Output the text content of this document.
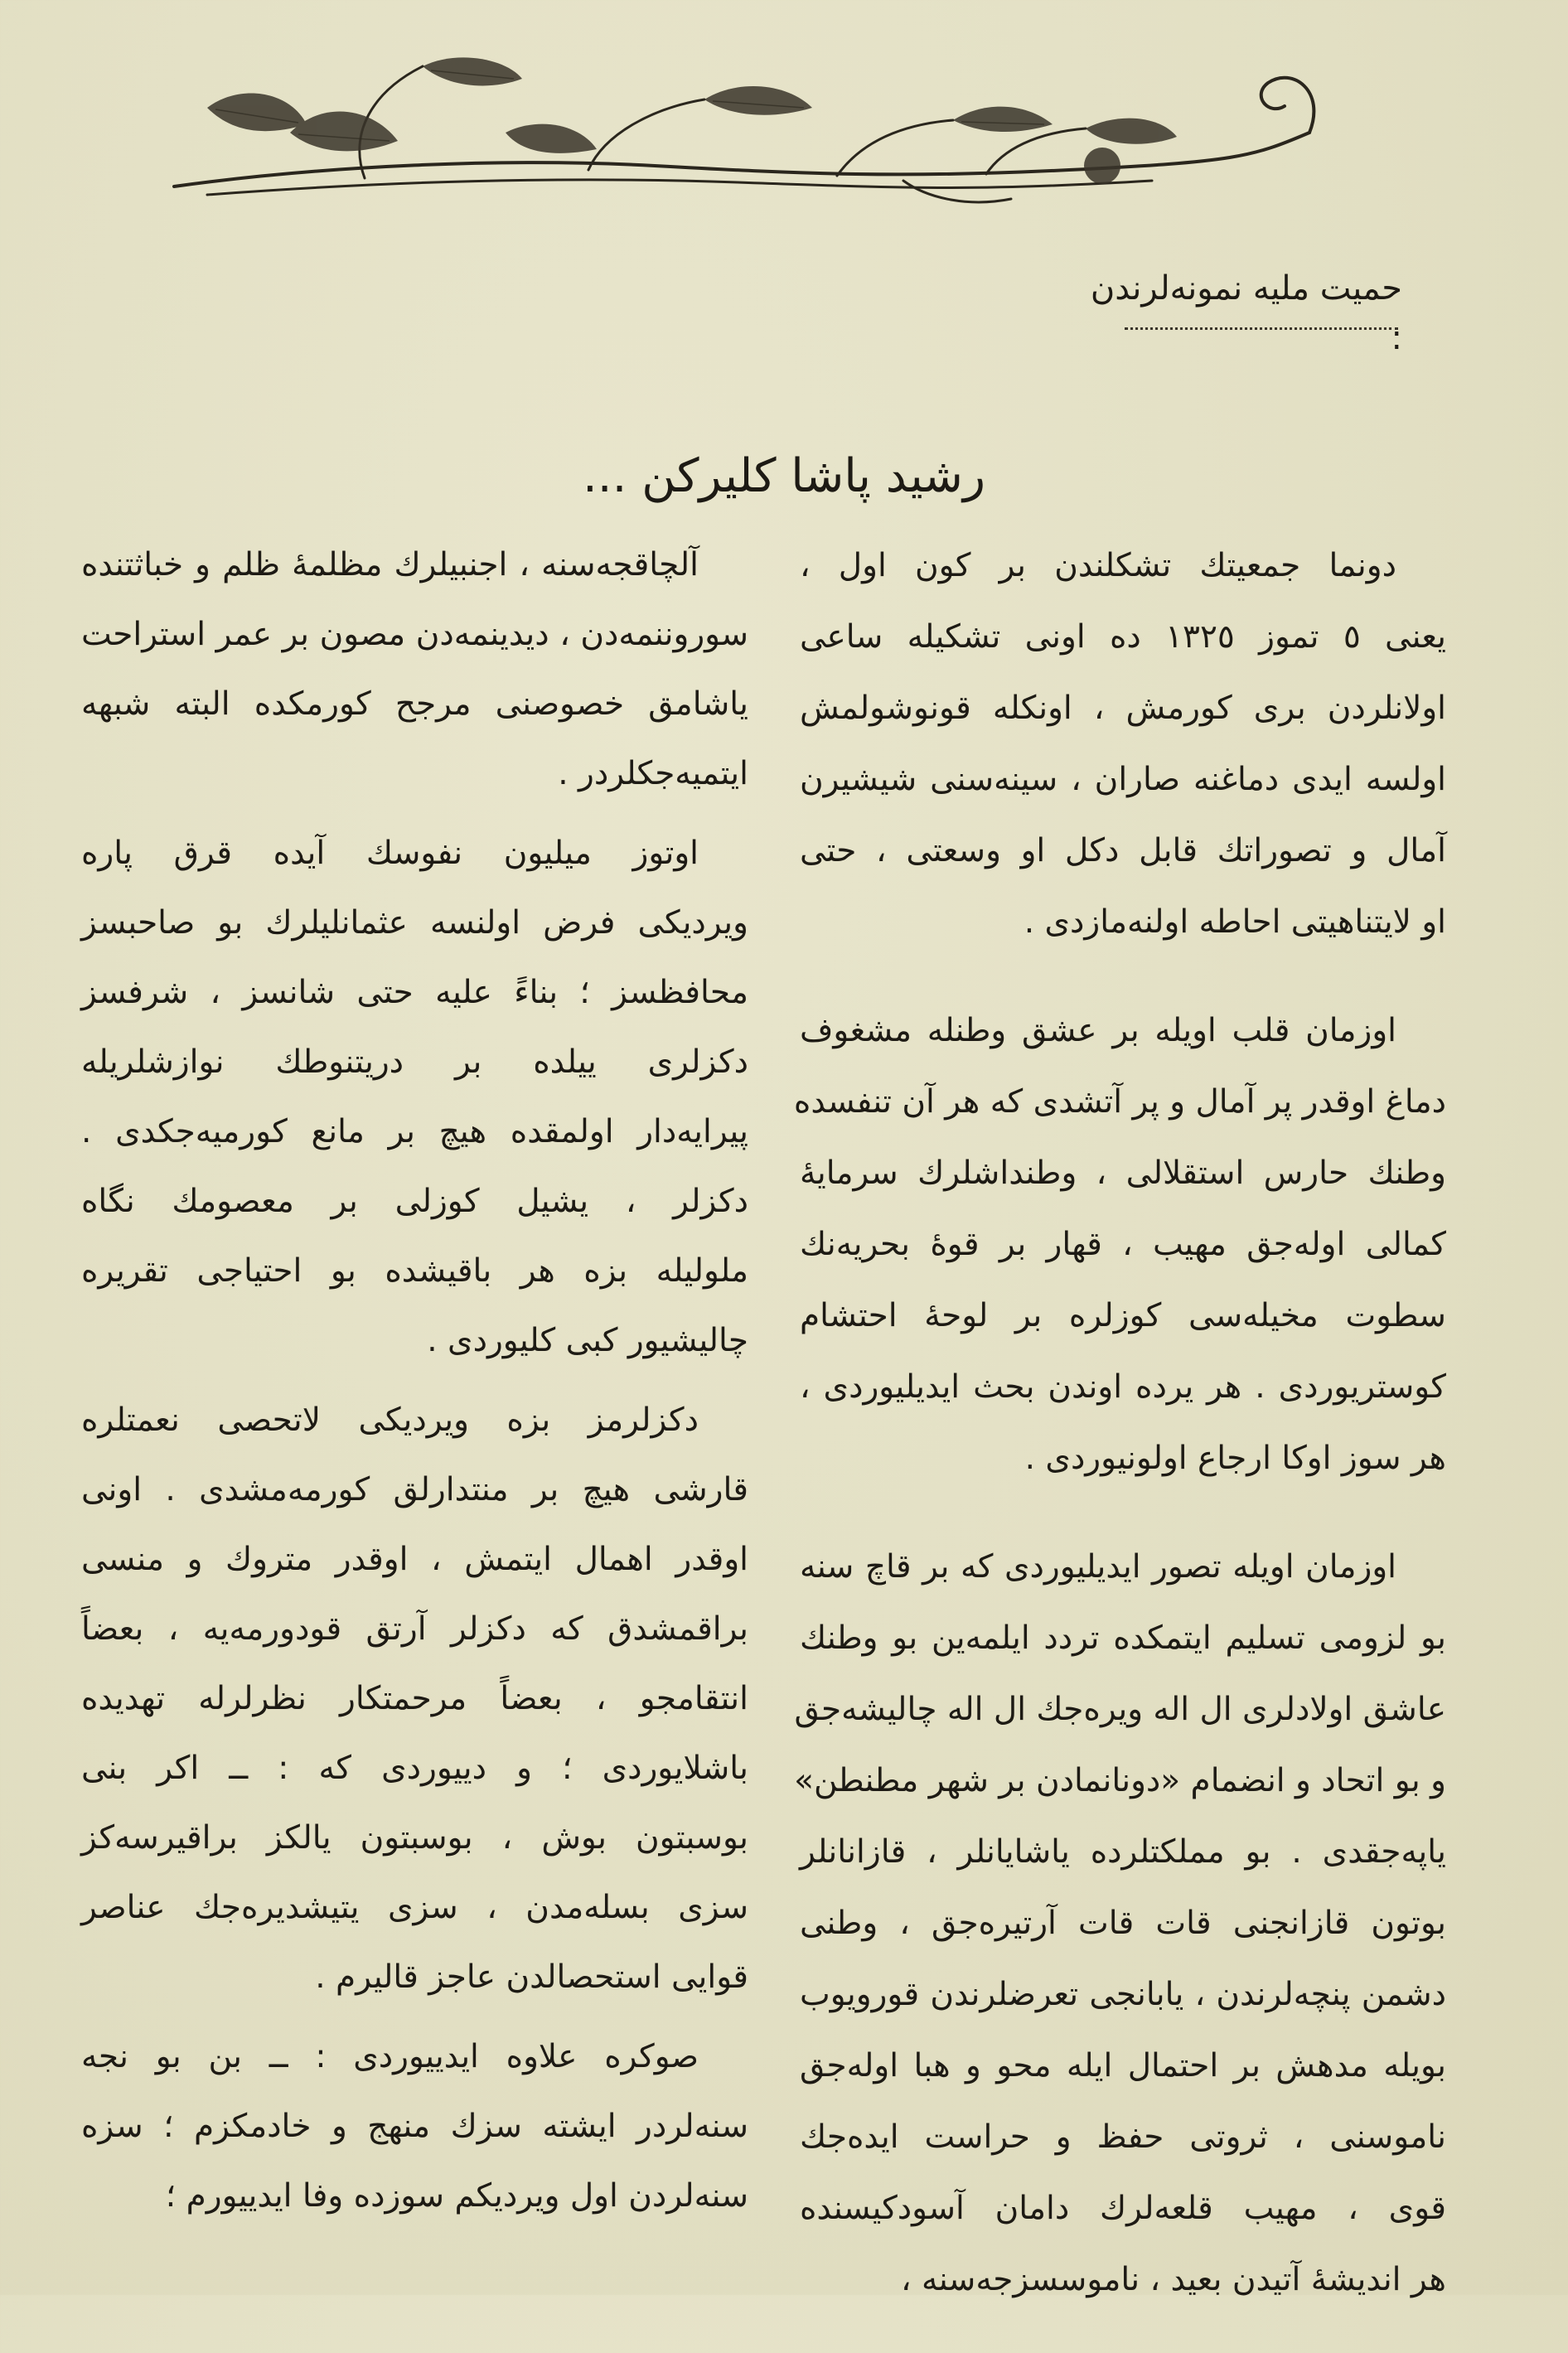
حمیت ملیه نمونه‌لرندن :
رشید پاشا كلیركن ...
دونما جمعیتك تشكلندن بر كون اول ،
یعنی ٥ تموز ١٣٢٥ ده اونی تشكیله ساعی
اولانلردن بری كورمش ، اونكله قونوشولمش
اولسه ایدی دماغنه صاران ، سینه‌سنی شیشیرن
آمال و تصوراتك قابل دكل او وسعتی ، حتی
او لایتناهیتی احاطه اولنه‌مازدی .
اوزمان قلب اویله بر عشق وطنله مشغوف
دماغ اوقدر پر آمال و پر آتشدی كه هر آن تنفسده
وطنك حارس استقلالی ، وطنداشلرك سرمایهٔ
كمالی اوله‌جق مهیب ، قهار بر قوهٔ بحریه‌نك
سطوت مخیله‌سی كوزلره بر لوحهٔ احتشام
كوستریوردی . هر یرده اوندن بحث ایدیلیوردی ،
هر سوز اوكا ارجاع اولونیوردی .
اوزمان اویله تصور ایدیلیوردی كه بر قاچ سنه
بو لزومی تسلیم ایتمكده تردد ایلمه‌ین بو وطنك
عاشق اولادلری ال اله ویره‌جك ال اله چالیشه‌جق
و بو اتحاد و انضمام «دونانمادن بر شهر مطنطن»
یاپه‌جقدی . بو مملكتلرده یاشایانلر ، قازانانلر
بوتون قازانجنی قات قات آرتیره‌جق ، وطنی
دشمن پنچه‌لرندن ، یابانجی تعرضلرندن قورویوب
بویله مدهش بر احتمال ایله محو و هبا اوله‌جق
ناموسنی ، ثروتی حفظ و حراست ایده‌جك
قوی ، مهیب قلعه‌لرك دامان آسودكیسنده
هر اندیشهٔ آتیدن بعید ، ناموسسزجه‌سنه ،
آلچاقجه‌سنه ، اجنبیلرك مظلمهٔ ظلم و خباثتنده
سوروننمه‌دن ، دیدینمه‌دن مصون بر عمر استراحت
یاشامق خصوصنی مرجح كورمكده البته شبهه
ایتمیه‌جكلردر .
اوتوز میلیون نفوسك آیده قرق پاره
ویردیكی فرض اولنسه عثمانلیلرك بو صاحبسز
محافظسز ؛ بناءً علیه حتی شانسز ، شرفسز
دكزلری ییلده بر دریتنوطك نوازشلریله
پیرایه‌دار اولمقده هیچ بر مانع كورمیه‌جكدی .
دكزلر ، یشیل كوزلی بر معصومك نگاه
ملولیله بزه هر باقیشده بو احتیاجی تقریره
چالیشیور كبی كلیوردی .
دكزلرمز بزه ویردیكی لاتحصی نعمتلره
قارشی هیچ بر منتدارلق كورمه‌مشدی . اونی
اوقدر اهمال ایتمش ، اوقدر متروك و منسی
براقمشدق كه دكزلر آرتق قودورمه‌یه ، بعضاً
انتقامجو ، بعضاً مرحمتكار نظرلرله تهدیده
باشلایوردی ؛ و دییوردی كه : ــ اكر بنی
بوسبتون بوش ، بوسبتون یالكز براقیرسه‌كز
سزی بسله‌مدن ، سزی یتیشدیره‌جك عناصر
قوایی استحصالدن عاجز قالیرم .
صوكره علاوه ایدییوردی : ــ بن بو نجه
سنه‌لردر ایشته سزك منهج و خادمكزم ؛ سزه
سنه‌لردن اول ویردیكم سوزده وفا ایدییورم ؛
